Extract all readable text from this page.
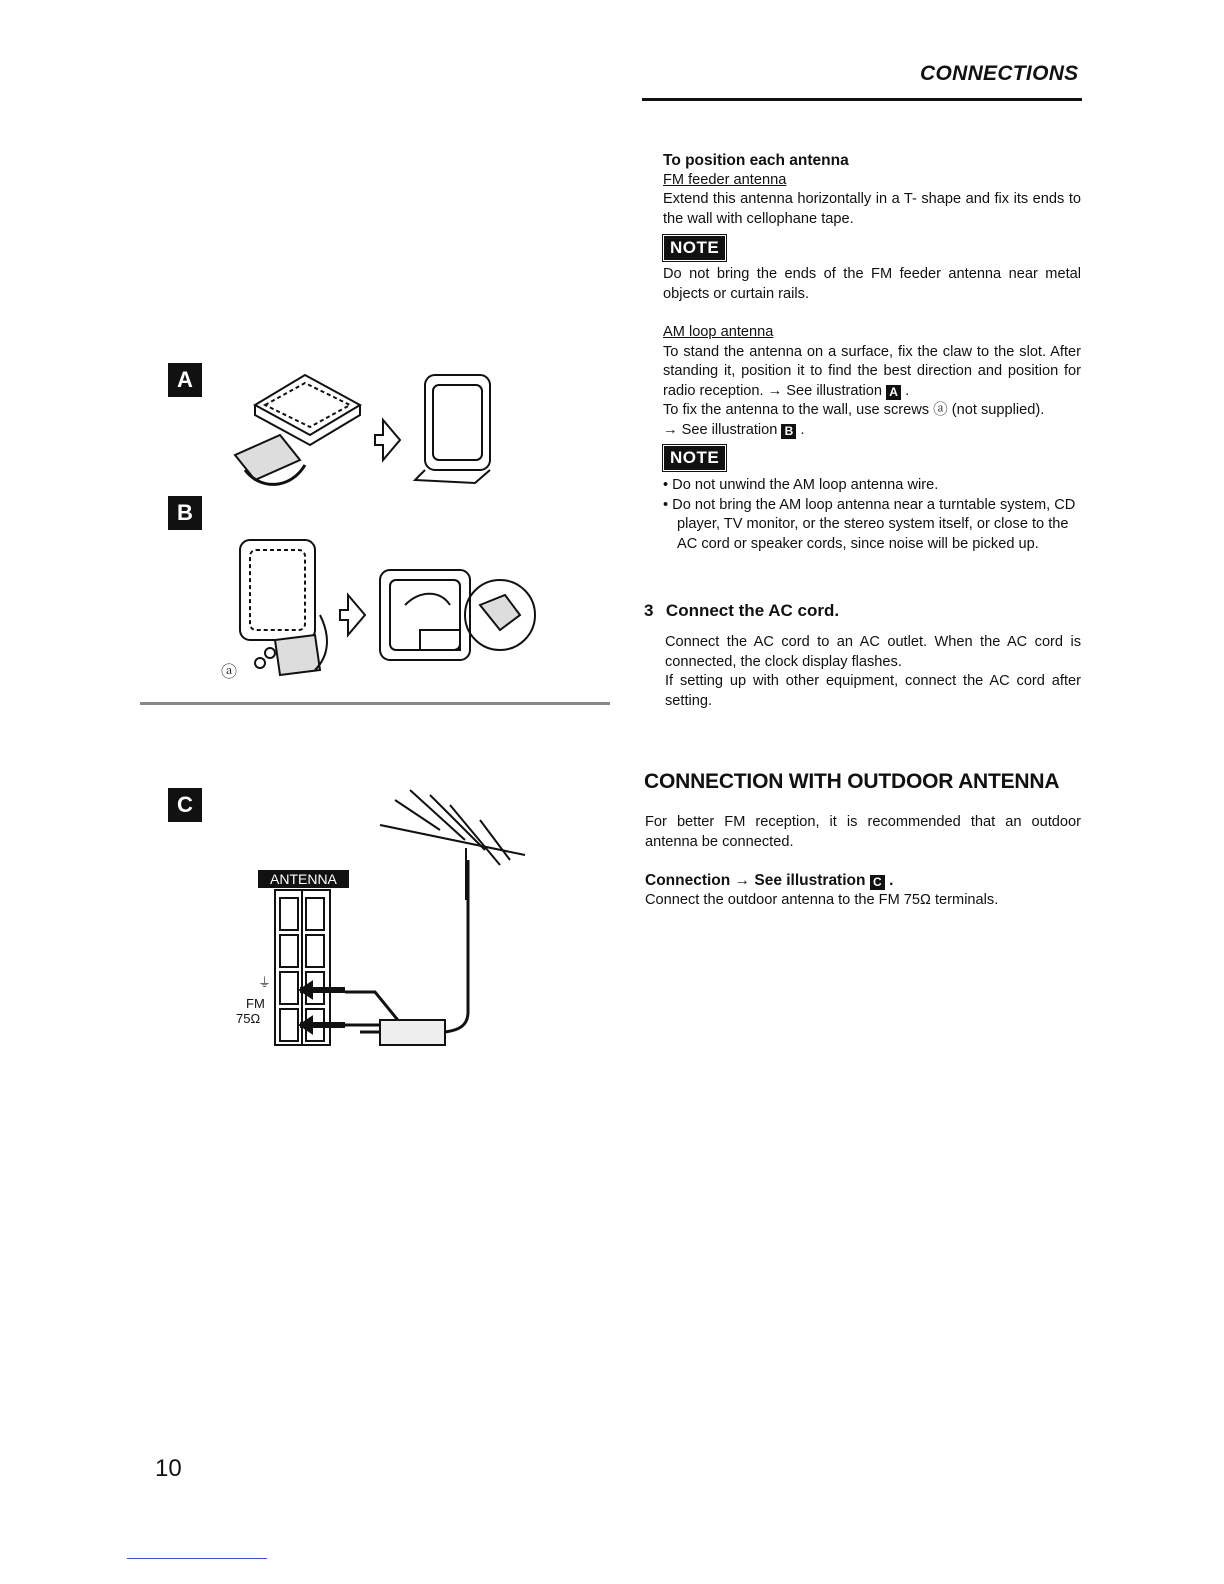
CONNECTIONS
To position each antenna
FM feeder antenna

Extend this antenna horizontally in a T- shape and fix its ends to the wall with cellophane tape.

NOTE

Do not bring the ends of the FM feeder antenna near metal objects or curtain rails.

AM loop antenna

To stand the antenna on a surface, fix the claw to the slot. After standing it, position it to find the best direction and position for radio reception. → See illustration A .

To fix the antenna to the wall, use screws ⓐ (not supplied).

→ See illustration B .

NOTE
• Do not unwind the AM loop antenna wire.
• Do not bring the AM loop antenna near a turntable system, CD player, TV monitor, or the stereo system itself, or close to the AC cord or speaker cords, since noise will be picked up.
3 Connect the AC cord.

Connect the AC cord to an AC outlet. When the AC cord is connected, the clock display flashes.

If setting up with other equipment, connect the AC cord after setting.

CONNECTION WITH OUTDOOR ANTENNA

For better FM reception, it is recommended that an outdoor antenna be connected.

Connection → See illustration C .

Connect the outdoor antenna to the FM 75Ω terminals.

A
B
C
ⓐ
ANTENNA
⏚
FM
75Ω
10
